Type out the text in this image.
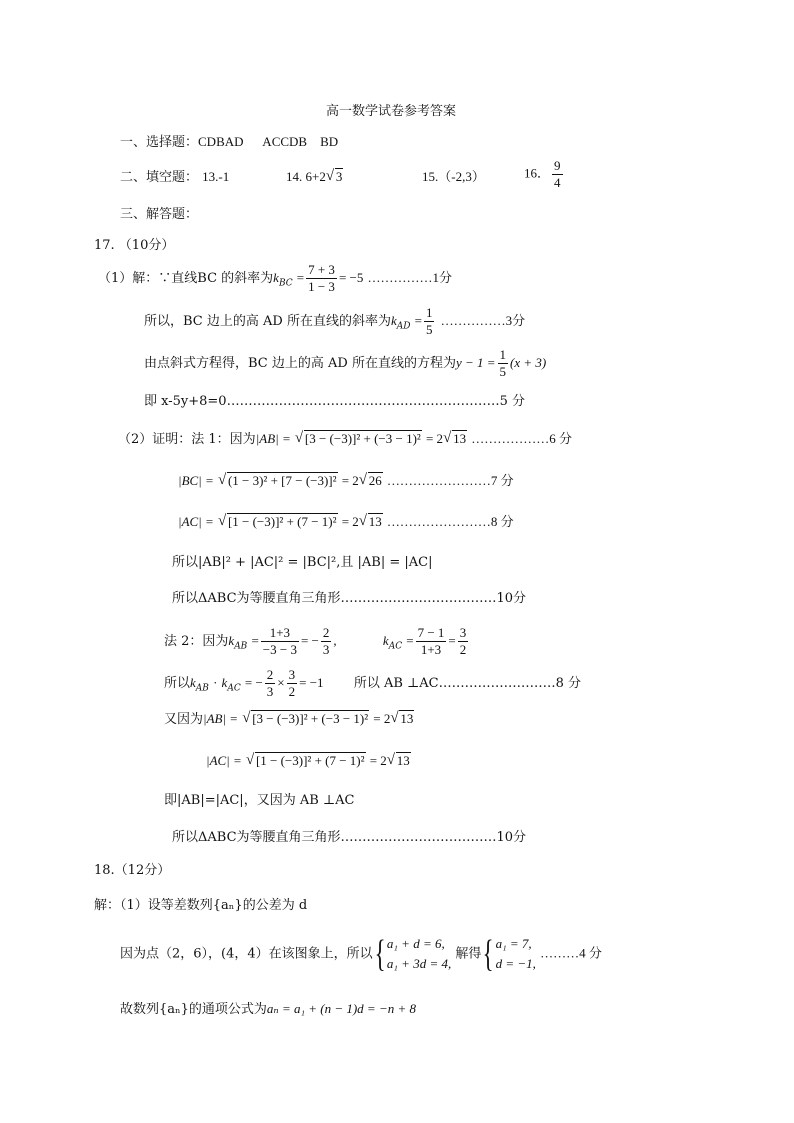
高一数学试卷参考答案
一、选择题：CDBAD      ACCDB    BD
二、填空题： 13.-1	14. 6+2 √ 3	15.（-2,3）	16． $\frac{9}{4}$
三、解答题：
17. （10分）
（1）解：∵直线BC 的斜率为$k_{BC} = \frac{7 + 3}{1 - 3} = -5$ ……………1分
所以，BC 边上的高 AD 所在直线的斜率为$k_{AD} = \frac{1}{5}$ ……………3分
由点斜式方程得，BC 边上的高 AD 所在直线的方程为$y - 1 = \frac{1}{5} (x + 3)$
即 x-5y+8=0………………………………………………………5 分
（2）证明：法 1：因为|AB| = √ [3 − (−3)]² + (−3 − 1)² = 2 √ 13 ………………6 分
|BC| = √ (1 − 3)² + [7 − (−3)]² = 2 √ 26 ……………………7 分
|AC| = √ [1 − (−3)]² + (7 − 1)² = 2 √ 13 ……………………8 分
所以|AB|² + |AC|² = |BC|²,且 |AB| = |AC|
所以ΔABC为等腰直角三角形………………………………10分
法 2：因为$k_{AB} = \frac{1+3}{-3 - 3}$ = − $\frac{2}{3}$ ,	$k_{AC} = \frac{7 - 1}{1+3} = \frac{3}{2}$
所以$k_{AB} \cdot k_{AC}$ = − $\frac{2}{3} \times \frac{3}{2} = -1$ 所以 AB ⊥AC………………………8 分
又因为|AB| = √ [3 − (−3)]² + (−3 − 1)² = 2 √ 13
|AC| = √ [1 − (−3)]² + (7 − 1)² = 2 √ 13
即|AB|=|AC|，又因为 AB ⊥AC
所以ΔABC为等腰直角三角形………………………………10分
18.（12分）
解：（1）设等差数列{aₙ}的公差为 d
因为点（2，6），(4，4）在该图象上，所以{ a₁ + d = 6,
a₁ + 3d = 4,
解得{ a₁ = 7,
d = −1,
………4 分
故数列{aₙ}的通项公式为aₙ = a₁ + (n − 1)d = −n + 8
